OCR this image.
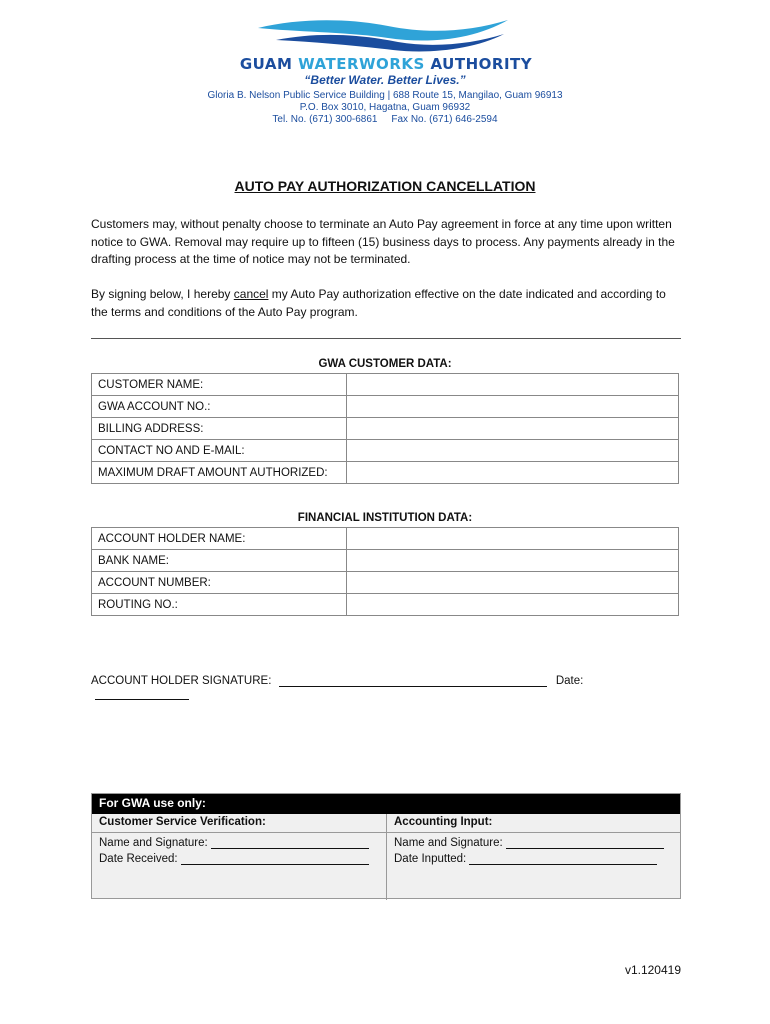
GUAM WATERWORKS AUTHORITY
“Better Water. Better Lives.”
Gloria B. Nelson Public Service Building | 688 Route 15, Mangilao, Guam 96913
P.O. Box 3010, Hagatna, Guam 96932
Tel. No. (671) 300-6861     Fax No. (671) 646-2594
AUTO PAY AUTHORIZATION CANCELLATION
Customers may, without penalty choose to terminate an Auto Pay agreement in force at any time upon written notice to GWA. Removal may require up to fifteen (15) business days to process. Any payments already in the drafting process at the time of notice may not be terminated.
By signing below, I hereby cancel my Auto Pay authorization effective on the date indicated and according to the terms and conditions of the Auto Pay program.
GWA CUSTOMER DATA:
CUSTOMER NAME:	
GWA ACCOUNT NO.:	
BILLING ADDRESS:	
CONTACT NO AND E-MAIL:	
MAXIMUM DRAFT AMOUNT AUTHORIZED:	
FINANCIAL INSTITUTION DATA:
ACCOUNT HOLDER NAME:	
BANK NAME:	
ACCOUNT NUMBER:	
ROUTING NO.:	
ACCOUNT HOLDER SIGNATURE:	Date:
For GWA use only:
Customer Service Verification:
Name and Signature:
Date Received:
Accounting Input:
Name and Signature:
Date Inputted:
v1.120419
